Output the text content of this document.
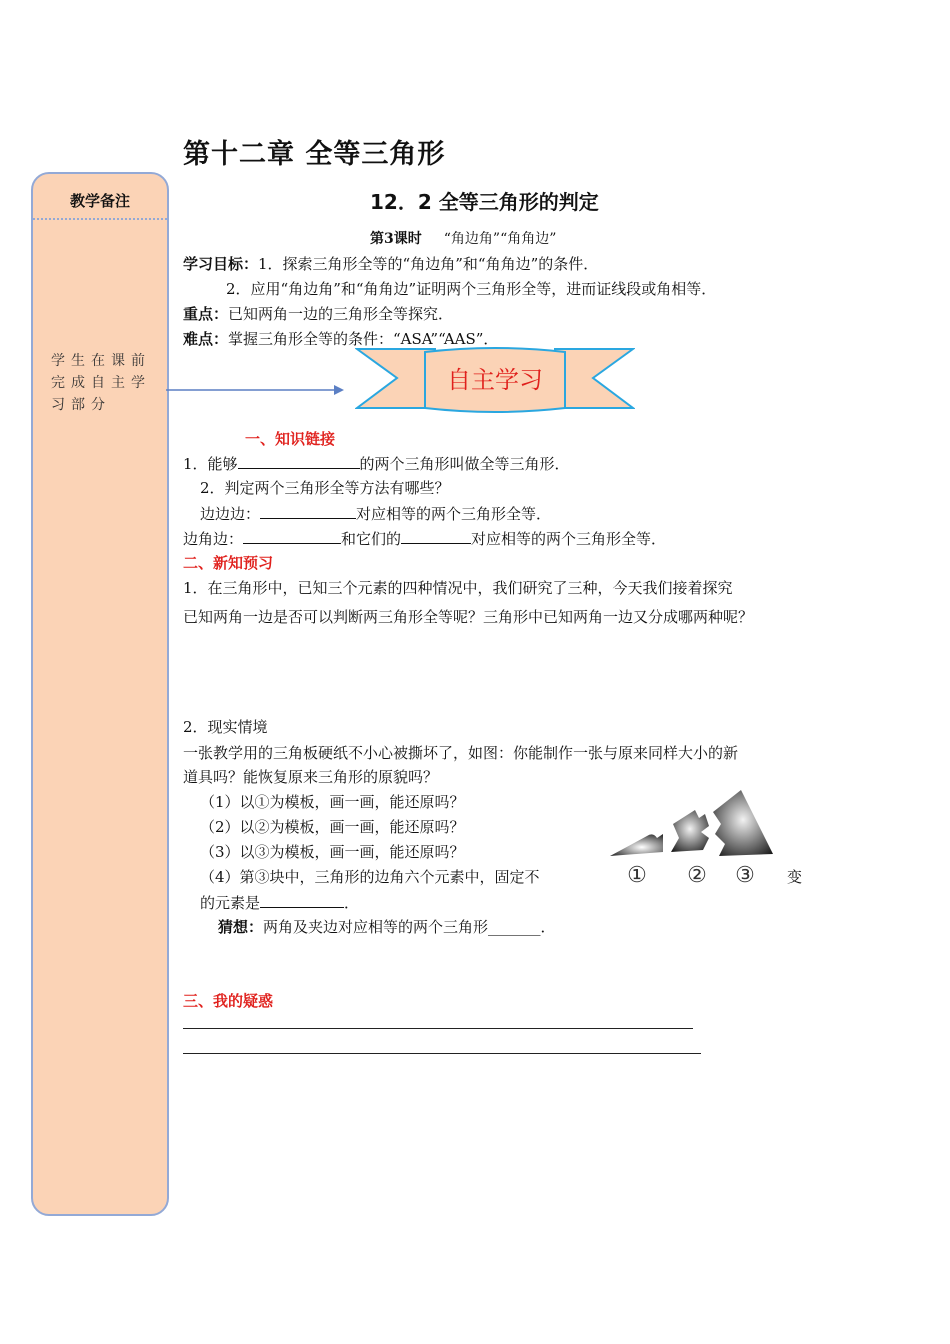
第十二章 全等三角形
教学备注
学生在课前完成自主学习部分
12．2 全等三角形的判定
第3课时 “角边角”“角角边”
学习目标：1．探索三角形全等的“角边角”和“角角边”的条件．
2．应用“角边角”和“角角边”证明两个三角形全等，进而证线段或角相等．
重点：已知两角一边的三角形全等探究．
难点：掌握三角形全等的条件：“ASA”“AAS”．
自主学习
一、知识链接
1．能够	的两个三角形叫做全等三角形．
2．判定两个三角形全等方法有哪些？
边边边：	对应相等的两个三角形全等．
边角边：	和它们的	对应相等的两个三角形全等．
二、新知预习
1．在三角形中，已知三个元素的四种情况中，我们研究了三种，今天我们接着探究
已知两角一边是否可以判断两三角形全等呢？三角形中已知两角一边又分成哪两种呢？
2．现实情境
一张教学用的三角板硬纸不小心被撕坏了，如图：你能制作一张与原来同样大小的新
道具吗？能恢复原来三角形的原貌吗？
（1）以①为模板，画一画，能还原吗？
（2）以②为模板，画一画，能还原吗？
（3）以③为模板，画一画，能还原吗？
（4）第③块中，三角形的边角六个元素中，固定不	变
的元素是	．
猜想：两角及夹边对应相等的两个三角形_______．
① ② ③
三、我的疑惑
